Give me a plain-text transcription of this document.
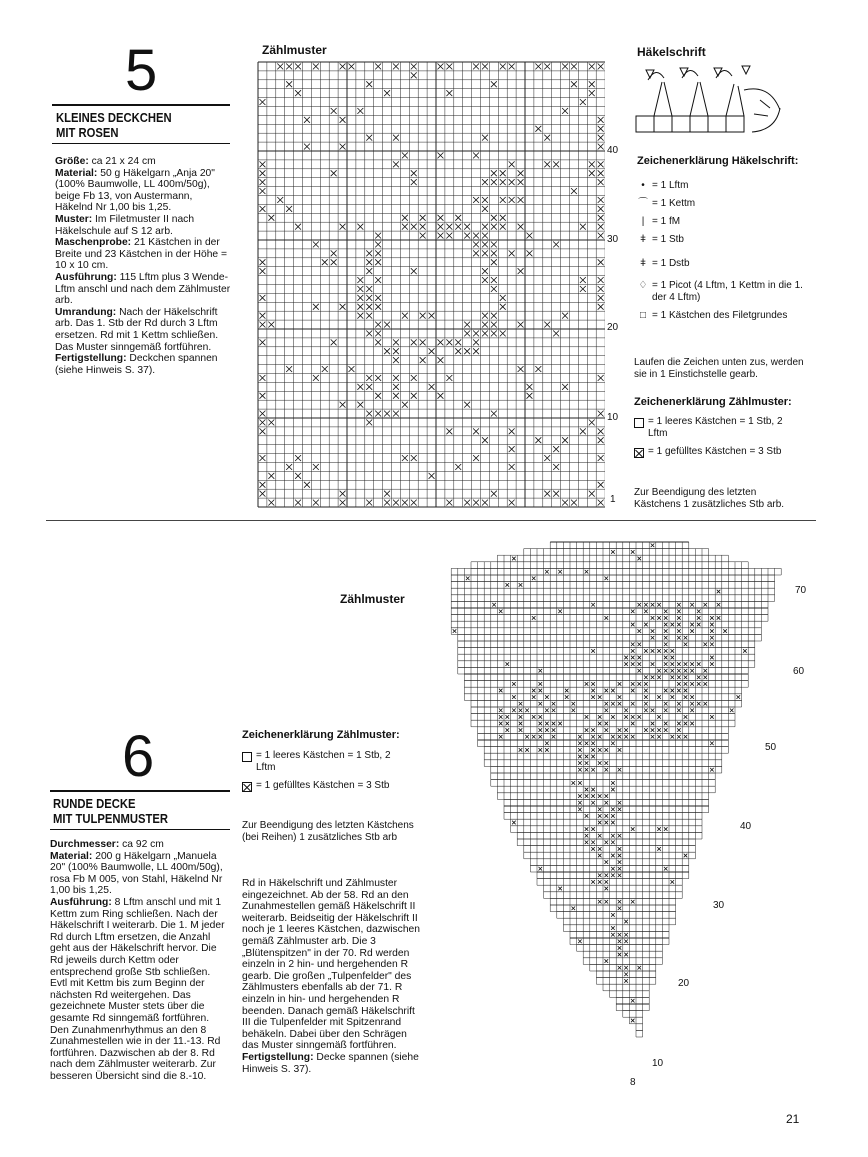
5
KLEINES DECKCHEN
MIT ROSEN

Größe: ca 21 x 24 cm

Material: 50 g Häkelgarn „Anja 20" (100% Baumwolle, LL 400m/50g), beige Fb 13, von Austermann, Häkelnd Nr 1,00 bis 1,25.

Muster: Im Filetmuster II nach Häkelschule auf S 12 arb.

Maschenprobe: 21 Kästchen in der Breite und 23 Kästchen in der Höhe = 10 x 10 cm.

Ausführung: 115 Lftm plus 3 Wende-Lftm anschl und nach dem Zählmuster arb.

Umrandung: Nach der Häkelschrift arb. Das 1. Stb der Rd durch 3 Lftm ersetzen. Rd mit 1 Kettm schließen. Das Muster sinngemäß fortführen.

Fertigstellung: Deckchen spannen (siehe Hinweis S. 37).

Zählmuster
40
30
20
10
1
Häkelschrift
Zeichenerklärung Häkelschrift:
• = 1 Lftm
⌒ = 1 Kettm
| = 1 fM
ǂ = 1 Stb
ǂ = 1 Dstb
♢ = 1 Picot (4 Lftm, 1 Kettm in die 1. der 4 Lftm)
□ = 1 Kästchen des Filetgrundes
Laufen die Zeichen unten zus, werden sie in 1 Einstichstelle gearb.
Zeichenerklärung Zählmuster:
= 1 leeres Kästchen = 1 Stb, 2 Lftm
= 1 gefülltes Kästchen = 3 Stb
Zur Beendigung des letzten Kästchens 1 zusätzliches Stb arb.
6
RUNDE DECKE
MIT TULPENMUSTER

Durchmesser: ca 92 cm

Material: 200 g Häkelgarn „Manuela 20" (100% Baumwolle, LL 400m/50g), rosa Fb M 005, von Stahl, Häkelnd Nr 1,00 bis 1,25.

Ausführung: 8 Lftm anschl und mit 1 Kettm zum Ring schließen. Nach der Häkelschrift I weiterarb. Die 1. M jeder Rd durch Lftm ersetzen, die Anzahl geht aus der Häkelschrift hervor. Die Rd jeweils durch Kettm oder entsprechend große Stb schließen. Evtl mit Kettm bis zum Beginn der nächsten Rd weitergehen. Das gezeichnete Muster stets über die gesamte Rd sinngemäß fortführen. Den Zunahmenrhythmus an den 8 Zunahmestellen wie in der 11.-13. Rd fortführen. Dazwischen ab der 8. Rd nach dem Zählmuster weiterarb. Zur besseren Übersicht sind die 8.-10.

Zeichenerklärung Zählmuster:
= 1 leeres Kästchen = 1 Stb, 2 Lftm
= 1 gefülltes Kästchen = 3 Stb
Zur Beendigung des letzten Kästchens (bei Reihen) 1 zusätzliches Stb arb

Rd in Häkelschrift und Zählmuster eingezeichnet. Ab der 58. Rd an den Zunahmestellen gemäß Häkelschrift II weiterarb. Beidseitig der Häkelschrift II noch je 1 leeres Kästchen, dazwischen gemäß Zählmuster arb. Die 3 „Blütenspitzen" in der 70. Rd werden einzeln in 2 hin- und hergehenden R gearb. Die großen „Tulpenfelder" des Zählmusters ebenfalls ab der 71. R einzeln in hin- und hergehenden R beenden. Danach gemäß Häkelschrift III die Tulpenfelder mit Spitzenrand behäkeln. Dabei über den Schrägen das Muster sinngemäß fortführen.

Fertigstellung: Decke spannen (siehe Hinweis S. 37).

Zählmuster
70
60
50
40
30
20
10
8
21
